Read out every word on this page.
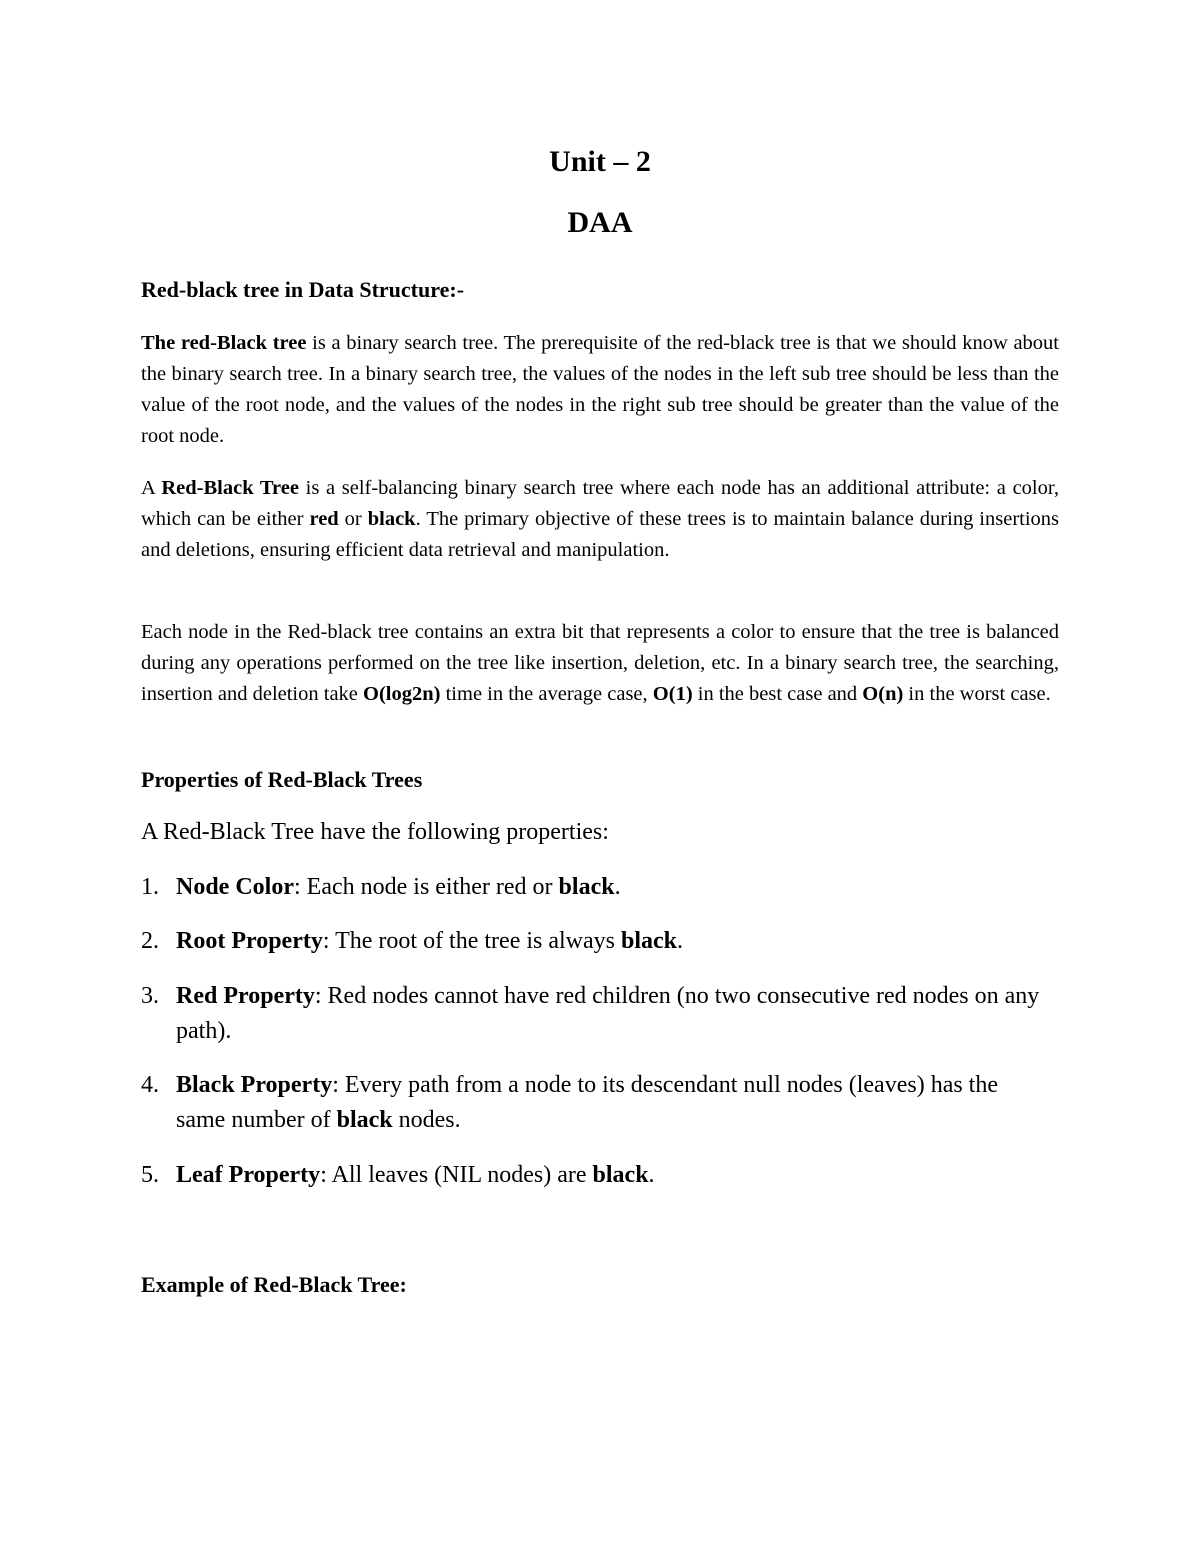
Unit – 2
DAA
Red-black tree in Data Structure:-
The red-Black tree is a binary search tree. The prerequisite of the red-black tree is that we should know about the binary search tree. In a binary search tree, the values of the nodes in the left sub tree should be less than the value of the root node, and the values of the nodes in the right sub tree should be greater than the value of the root node.
A Red-Black Tree is a self-balancing binary search tree where each node has an additional attribute: a color, which can be either red or black. The primary objective of these trees is to maintain balance during insertions and deletions, ensuring efficient data retrieval and manipulation.
Each node in the Red-black tree contains an extra bit that represents a color to ensure that the tree is balanced during any operations performed on the tree like insertion, deletion, etc. In a binary search tree, the searching, insertion and deletion take O(log2n) time in the average case, O(1) in the best case and O(n) in the worst case.
Properties of Red-Black Trees
A Red-Black Tree have the following properties:
1. Node Color: Each node is either red or black.
2. Root Property: The root of the tree is always black.
3. Red Property: Red nodes cannot have red children (no two consecutive red nodes on any path).
4. Black Property: Every path from a node to its descendant null nodes (leaves) has the same number of black nodes.
5. Leaf Property: All leaves (NIL nodes) are black.
Example of Red-Black Tree:
